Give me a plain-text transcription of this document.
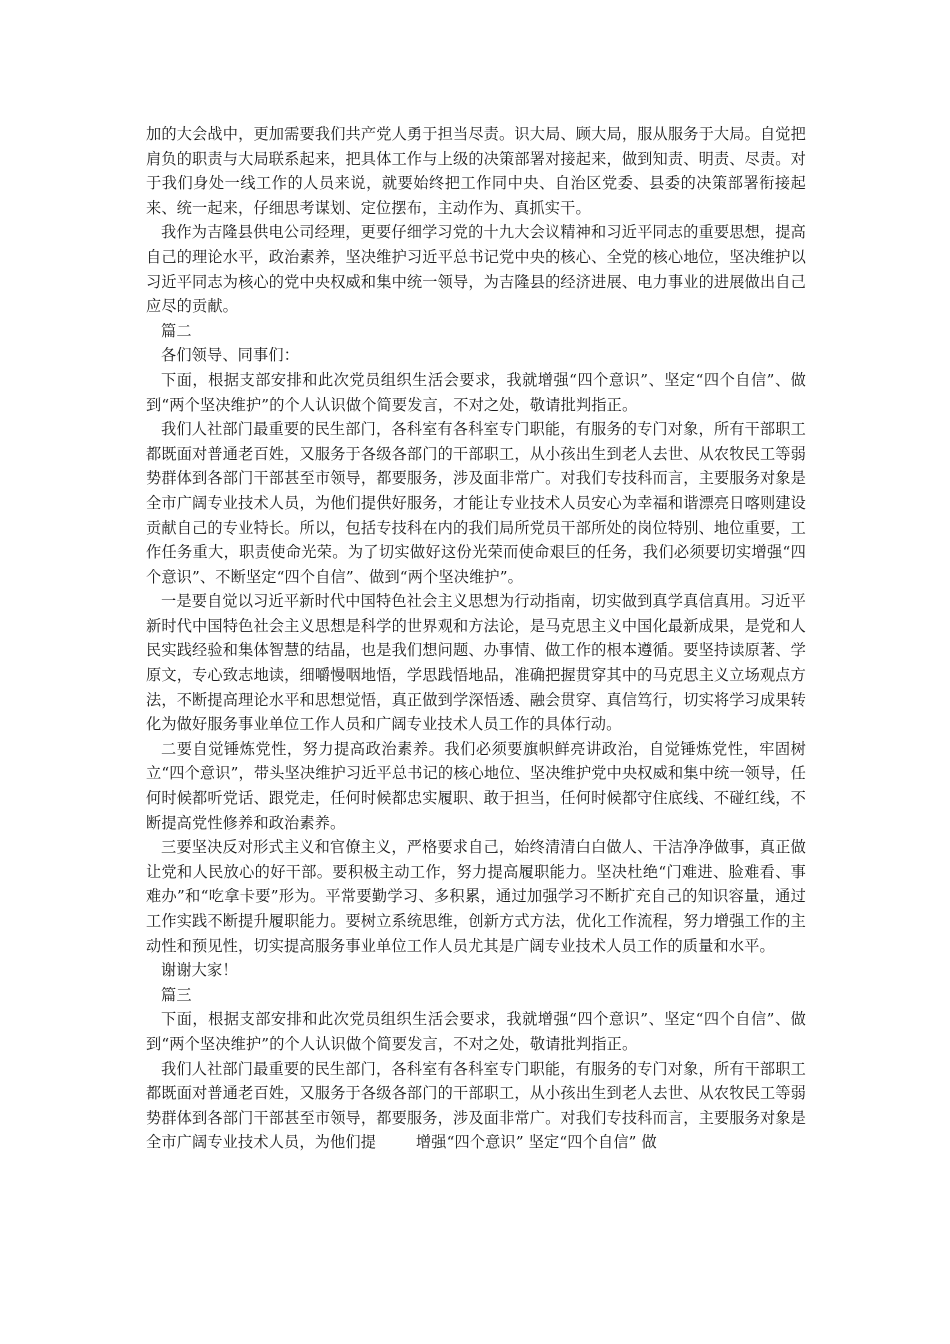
加的大会战中，更加需要我们共产党人勇于担当尽责。识大局、顾大局，服从服务于大局。自觉把肩负的职责与大局联系起来，把具体工作与上级的决策部署对接起来，做到知责、明责、尽责。对于我们身处一线工作的人员来说，就要始终把工作同中央、自治区党委、县委的决策部署衔接起来、统一起来，仔细思考谋划、定位摆布，主动作为、真抓实干。

我作为吉隆县供电公司经理，更要仔细学习党的十九大会议精神和习近平同志的重要思想，提高自己的理论水平，政治素养，坚决维护习近平总书记党中央的核心、全党的核心地位，坚决维护以习近平同志为核心的党中央权威和集中统一领导，为吉隆县的经济进展、电力事业的进展做出自己应尽的贡献。

篇二

各们领导、同事们：

下面，根据支部安排和此次党员组织生活会要求，我就增强“四个意识”、坚定“四个自信”、做到“两个坚决维护”的个人认识做个简要发言，不对之处，敬请批判指正。

我们人社部门最重要的民生部门，各科室有各科室专门职能，有服务的专门对象，所有干部职工都既面对普通老百姓，又服务于各级各部门的干部职工，从小孩出生到老人去世、从农牧民工等弱势群体到各部门干部甚至市领导，都要服务，涉及面非常广。对我们专技科而言，主要服务对象是全市广阔专业技术人员，为他们提供好服务，才能让专业技术人员安心为幸福和谐漂亮日喀则建设贡献自己的专业特长。所以，包括专技科在内的我们局所党员干部所处的岗位特别、地位重要，工作任务重大，职责使命光荣。为了切实做好这份光荣而使命艰巨的任务，我们必须要切实增强“四个意识”、不断坚定“四个自信”、做到“两个坚决维护”。

一是要自觉以习近平新时代中国特色社会主义思想为行动指南，切实做到真学真信真用。习近平新时代中国特色社会主义思想是科学的世界观和方法论，是马克思主义中国化最新成果，是党和人民实践经验和集体智慧的结晶，也是我们想问题、办事情、做工作的根本遵循。要坚持读原著、学原文，专心致志地读，细嚼慢咽地悟，学思践悟地品，准确把握贯穿其中的马克思主义立场观点方法，不断提高理论水平和思想觉悟，真正做到学深悟透、融会贯穿、真信笃行，切实将学习成果转化为做好服务事业单位工作人员和广阔专业技术人员工作的具体行动。

二要自觉锤炼党性，努力提高政治素养。我们必须要旗帜鲜亮讲政治，自觉锤炼党性，牢固树立“四个意识”，带头坚决维护习近平总书记的核心地位、坚决维护党中央权威和集中统一领导，任何时候都听党话、跟党走，任何时候都忠实履职、敢于担当，任何时候都守住底线、不碰红线，不断提高党性修养和政治素养。

三要坚决反对形式主义和官僚主义，严格要求自己，始终清清白白做人、干洁净净做事，真正做让党和人民放心的好干部。要积极主动工作，努力提高履职能力。坚决杜绝“门难进、脸难看、事难办”和“吃拿卡要”形为。平常要勤学习、多积累，通过加强学习不断扩充自己的知识容量，通过工作实践不断提升履职能力。要树立系统思维，创新方式方法，优化工作流程，努力增强工作的主动性和预见性，切实提高服务事业单位工作人员尤其是广阔专业技术人员工作的质量和水平。

谢谢大家！

篇三

下面，根据支部安排和此次党员组织生活会要求，我就增强“四个意识”、坚定“四个自信”、做到“两个坚决维护”的个人认识做个简要发言，不对之处，敬请批判指正。

我们人社部门最重要的民生部门，各科室有各科室专门职能，有服务的专门对象，所有干部职工都既面对普通老百姓，又服务于各级各部门的干部职工，从小孩出生到老人去世、从农牧民工等弱势群体到各部门干部甚至市领导，都要服务，涉及面非常广。对我们专技科而言，主要服务对象是全市广阔专业技术人员，为他们提	增强“四个意识” 坚定“四个自信” 做
